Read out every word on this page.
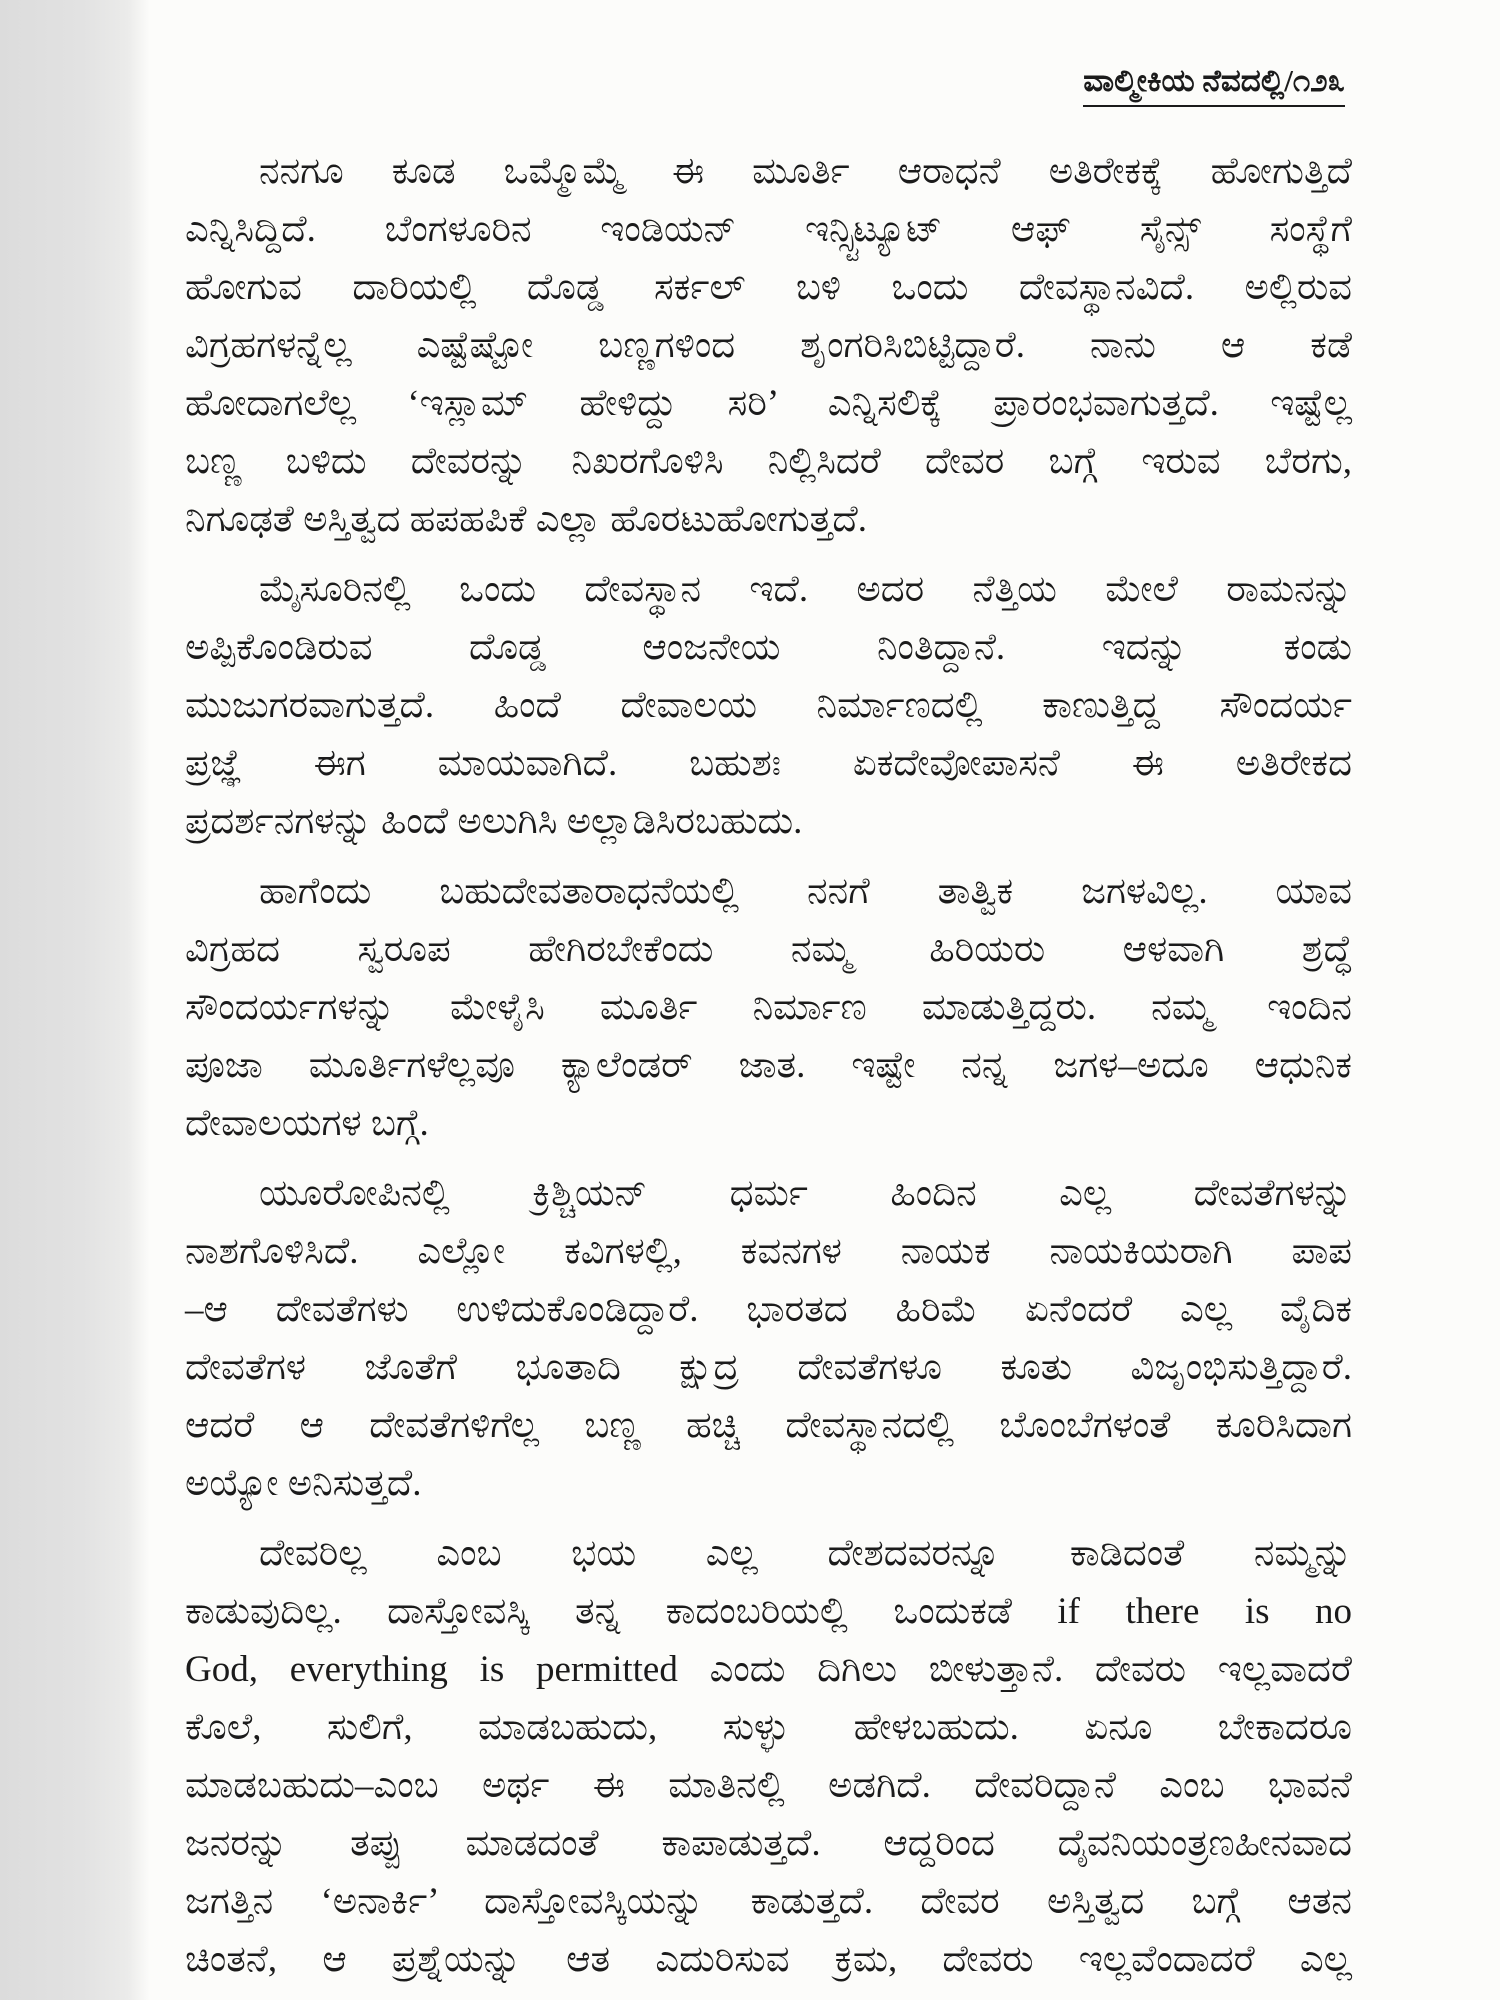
ವಾಲ್ಮೀಕಿಯ ನೆವದಲ್ಲಿ/೧೨೩
ನನಗೂ ಕೂಡ ಒಮ್ಮೊಮ್ಮೆ ಈ ಮೂರ್ತಿ ಆರಾಧನೆ ಅತಿರೇಕಕ್ಕೆ ಹೋಗುತ್ತಿದೆ
ಎನ್ನಿಸಿದ್ದಿದೆ. ಬೆಂಗಳೂರಿನ ಇಂಡಿಯನ್ ಇನ್ಸ್ಟಿಟ್ಯೂಟ್ ಆಫ್ ಸೈನ್ಸ್ ಸಂಸ್ಥೆಗೆ
ಹೋಗುವ ದಾರಿಯಲ್ಲಿ ದೊಡ್ಡ ಸರ್ಕಲ್ ಬಳಿ ಒಂದು ದೇವಸ್ಥಾನವಿದೆ. ಅಲ್ಲಿರುವ
ವಿಗ್ರಹಗಳನ್ನೆಲ್ಲ ಎಷ್ಟೆಷ್ಟೋ ಬಣ್ಣಗಳಿಂದ ಶೃಂಗರಿಸಿಬಿಟ್ಟಿದ್ದಾರೆ. ನಾನು ಆ ಕಡೆ
ಹೋದಾಗಲೆಲ್ಲ ‘ಇಸ್ಲಾಮ್ ಹೇಳಿದ್ದು ಸರಿ’ ಎನ್ನಿಸಲಿಕ್ಕೆ ಪ್ರಾರಂಭವಾಗುತ್ತದೆ. ಇಷ್ಟೆಲ್ಲ
ಬಣ್ಣ ಬಳಿದು ದೇವರನ್ನು ನಿಖರಗೊಳಿಸಿ ನಿಲ್ಲಿಸಿದರೆ ದೇವರ ಬಗ್ಗೆ ಇರುವ ಬೆರಗು,
ನಿಗೂಢತೆ ಅಸ್ತಿತ್ವದ ಹಪಹಪಿಕೆ ಎಲ್ಲಾ ಹೊರಟುಹೋಗುತ್ತದೆ.
ಮೈಸೂರಿನಲ್ಲಿ ಒಂದು ದೇವಸ್ಥಾನ ಇದೆ. ಅದರ ನೆತ್ತಿಯ ಮೇಲೆ ರಾಮನನ್ನು
ಅಪ್ಪಿಕೊಂಡಿರುವ ದೊಡ್ಡ ಆಂಜನೇಯ ನಿಂತಿದ್ದಾನೆ. ಇದನ್ನು ಕಂಡು
ಮುಜುಗರವಾಗುತ್ತದೆ. ಹಿಂದೆ ದೇವಾಲಯ ನಿರ್ಮಾಣದಲ್ಲಿ ಕಾಣುತ್ತಿದ್ದ ಸೌಂದರ್ಯ
ಪ್ರಜ್ಞೆ ಈಗ ಮಾಯವಾಗಿದೆ. ಬಹುಶಃ ಏಕದೇವೋಪಾಸನೆ ಈ ಅತಿರೇಕದ
ಪ್ರದರ್ಶನಗಳನ್ನು ಹಿಂದೆ ಅಲುಗಿಸಿ ಅಲ್ಲಾಡಿಸಿರಬಹುದು.
ಹಾಗೆಂದು ಬಹುದೇವತಾರಾಧನೆಯಲ್ಲಿ ನನಗೆ ತಾತ್ವಿಕ ಜಗಳವಿಲ್ಲ. ಯಾವ
ವಿಗ್ರಹದ ಸ್ವರೂಪ ಹೇಗಿರಬೇಕೆಂದು ನಮ್ಮ ಹಿರಿಯರು ಆಳವಾಗಿ ಶ್ರದ್ಧೆ
ಸೌಂದರ್ಯಗಳನ್ನು ಮೇಳೈಸಿ ಮೂರ್ತಿ ನಿರ್ಮಾಣ ಮಾಡುತ್ತಿದ್ದರು. ನಮ್ಮ ಇಂದಿನ
ಪೂಜಾ ಮೂರ್ತಿಗಳೆಲ್ಲವೂ ಕ್ಯಾಲೆಂಡರ್ ಜಾತ. ಇಷ್ಟೇ ನನ್ನ ಜಗಳ–ಅದೂ ಆಧುನಿಕ
ದೇವಾಲಯಗಳ ಬಗ್ಗೆ.
ಯೂರೋಪಿನಲ್ಲಿ ಕ್ರಿಶ್ಚಿಯನ್ ಧರ್ಮ ಹಿಂದಿನ ಎಲ್ಲ ದೇವತೆಗಳನ್ನು
ನಾಶಗೊಳಿಸಿದೆ. ಎಲ್ಲೋ ಕವಿಗಳಲ್ಲಿ, ಕವನಗಳ ನಾಯಕ ನಾಯಕಿಯರಾಗಿ ಪಾಪ
–ಆ ದೇವತೆಗಳು ಉಳಿದುಕೊಂಡಿದ್ದಾರೆ. ಭಾರತದ ಹಿರಿಮೆ ಏನೆಂದರೆ ಎಲ್ಲ ವೈದಿಕ
ದೇವತೆಗಳ ಜೊತೆಗೆ ಭೂತಾದಿ ಕ್ಷುದ್ರ ದೇವತೆಗಳೂ ಕೂತು ವಿಜೃಂಭಿಸುತ್ತಿದ್ದಾರೆ.
ಆದರೆ ಆ ದೇವತೆಗಳಿಗೆಲ್ಲ ಬಣ್ಣ ಹಚ್ಚಿ ದೇವಸ್ಥಾನದಲ್ಲಿ ಬೊಂಬೆಗಳಂತೆ ಕೂರಿಸಿದಾಗ
ಅಯ್ಯೋ ಅನಿಸುತ್ತದೆ.
ದೇವರಿಲ್ಲ ಎಂಬ ಭಯ ಎಲ್ಲ ದೇಶದವರನ್ನೂ ಕಾಡಿದಂತೆ ನಮ್ಮನ್ನು
ಕಾಡುವುದಿಲ್ಲ. ದಾಸ್ತೋವಸ್ಕಿ ತನ್ನ ಕಾದಂಬರಿಯಲ್ಲಿ ಒಂದುಕಡೆ if there is no
God, everything is permitted ಎಂದು ದಿಗಿಲು ಬೀಳುತ್ತಾನೆ. ದೇವರು ಇಲ್ಲವಾದರೆ
ಕೊಲೆ, ಸುಲಿಗೆ, ಮಾಡಬಹುದು, ಸುಳ್ಳು ಹೇಳಬಹುದು. ಏನೂ ಬೇಕಾದರೂ
ಮಾಡಬಹುದು–ಎಂಬ ಅರ್ಥ ಈ ಮಾತಿನಲ್ಲಿ ಅಡಗಿದೆ. ದೇವರಿದ್ದಾನೆ ಎಂಬ ಭಾವನೆ
ಜನರನ್ನು ತಪ್ಪು ಮಾಡದಂತೆ ಕಾಪಾಡುತ್ತದೆ. ಆದ್ದರಿಂದ ದೈವನಿಯಂತ್ರಣಹೀನವಾದ
ಜಗತ್ತಿನ ‘ಅನಾರ್ಕಿ’ ದಾಸ್ತೋವಸ್ಕಿಯನ್ನು ಕಾಡುತ್ತದೆ. ದೇವರ ಅಸ್ತಿತ್ವದ ಬಗ್ಗೆ ಆತನ
ಚಿಂತನೆ, ಆ ಪ್ರಶ್ನೆಯನ್ನು ಆತ ಎದುರಿಸುವ ಕ್ರಮ, ದೇವರು ಇಲ್ಲವೆಂದಾದರೆ ಎಲ್ಲ
